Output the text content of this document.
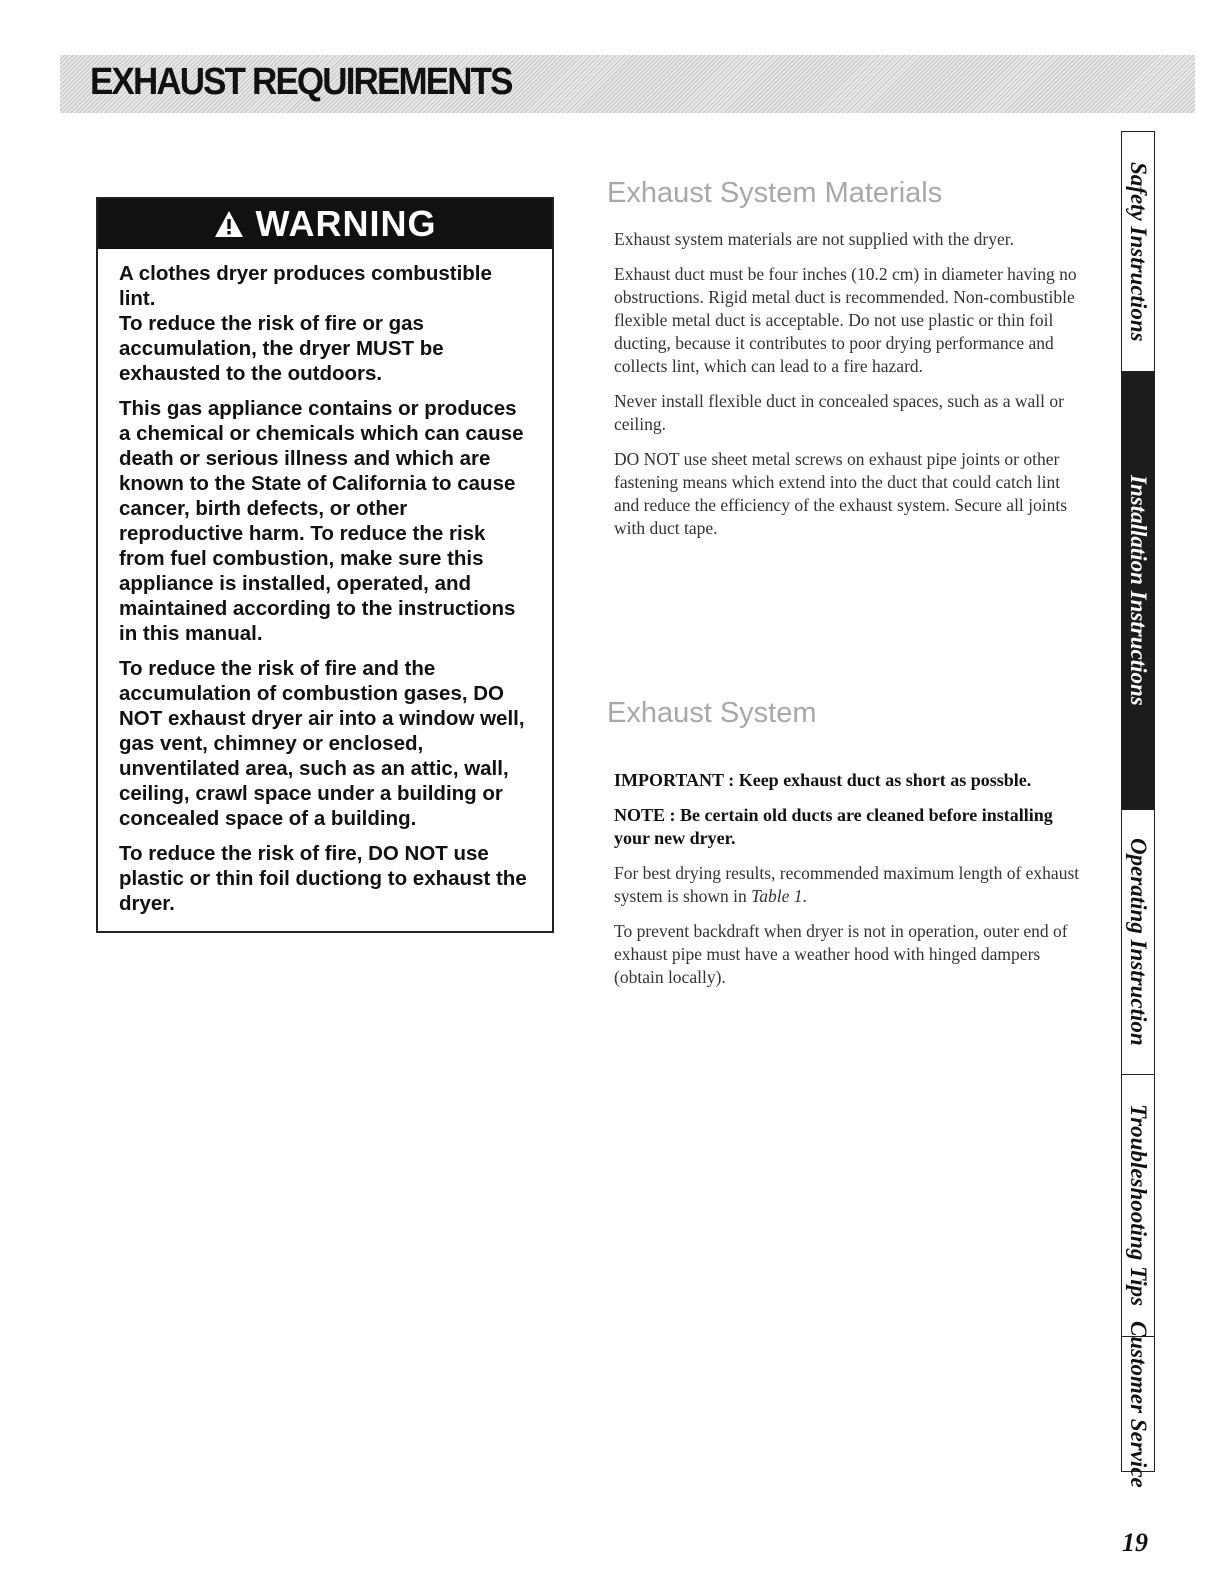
EXHAUST REQUIREMENTS
WARNING

A clothes dryer produces combustible lint.
To reduce the risk of fire or gas accumulation, the dryer MUST be exhausted to the outdoors.

This gas appliance contains or produces a chemical or chemicals which can cause death or serious illness and which are known to the State of California to cause cancer, birth defects, or other reproductive harm. To reduce the risk from fuel combustion, make sure this appliance is installed, operated, and maintained according to the instructions in this manual.

To reduce the risk of fire and the accumulation of combustion gases, DO NOT exhaust dryer air into a window well, gas vent, chimney or enclosed, unventilated area, such as an attic, wall, ceiling, crawl space under a building or concealed space of a building.

To reduce the risk of fire, DO NOT use plastic or thin foil ductiong to exhaust the dryer.

Exhaust System Materials

Exhaust system materials are not supplied with the dryer.

Exhaust duct must be four inches (10.2 cm) in diameter having no obstructions. Rigid metal duct is recommended. Non-combustible flexible metal duct is acceptable. Do not use plastic or thin foil ducting, because it contributes to poor drying performance and collects lint, which can lead to a fire hazard.

Never install flexible duct in concealed spaces, such as a wall or ceiling.

DO NOT use sheet metal screws on exhaust pipe joints or other fastening means which extend into the duct that could catch lint and reduce the efficiency of the exhaust system. Secure all joints with duct tape.

Exhaust System

IMPORTANT : Keep exhaust duct as short as possble.

NOTE : Be certain old ducts are cleaned before installing your new dryer.

For best drying results, recommended maximum length of exhaust system is shown in Table 1.

To prevent backdraft when dryer is not in operation, outer end of exhaust pipe must have a weather hood with hinged dampers (obtain locally).

Safety Instructions
Installation Instructions
Operating Instruction
Troubleshooting Tips
Customer Service
19
